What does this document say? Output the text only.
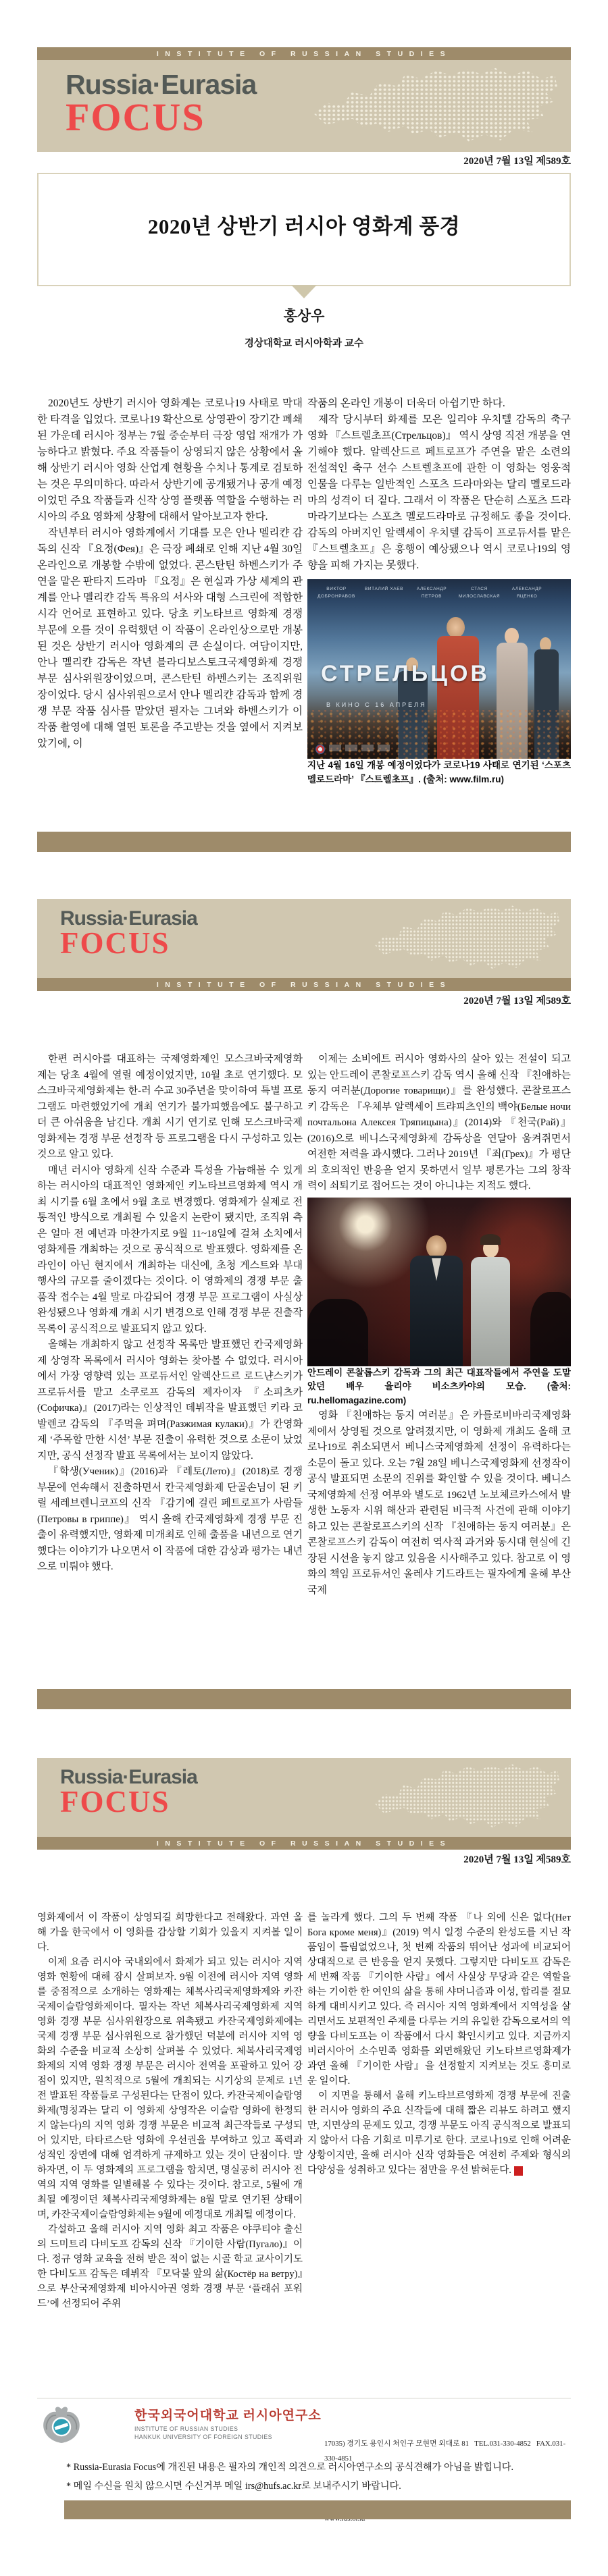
INSTITUTE OF RUSSIAN STUDIES
Russia·Eurasia
FOCUS
2020년 7월 13일 제589호
2020년 상반기 러시아 영화계 풍경
홍상우
경상대학교 러시아학과 교수

2020년도 상반기 러시아 영화계는 코로나19 사태로 막대한 타격을 입었다. 코로나19 확산으로 상영관이 장기간 폐쇄된 가운데 러시아 정부는 7월 중순부터 극장 영업 재개가 가능하다고 밝혔다. 주요 작품들이 상영되지 않은 상황에서 올해 상반기 러시아 영화 산업계 현황을 수치나 통계로 검토하는 것은 무의미하다. 따라서 상반기에 공개됐거나 공개 예정이었던 주요 작품들과 신작 상영 플랫폼 역할을 수행하는 러시아의 주요 영화제 상황에 대해서 알아보고자 한다.

작년부터 러시아 영화계에서 기대를 모은 안나 멜리캰 감독의 신작 『요정(Фея)』은 극장 폐쇄로 인해 지난 4월 30일 온라인으로 개봉할 수밖에 없었다. 콘스탄틴 하벤스키가 주연을 맡은 판타지 드라마 『요정』은 현실과 가상 세계의 관계를 안나 멜리캰 감독 특유의 서사와 대형 스크린에 적합한 시각 언어로 표현하고 있다. 당초 키노타브르 영화제 경쟁 부문에 오를 것이 유력했던 이 작품이 온라인상으로만 개봉된 것은 상반기 러시아 영화계의 큰 손실이다. 여담이지만, 안나 멜리캰 감독은 작년 블라디보스토크국제영화제 경쟁 부문 심사위원장이었으며, 콘스탄틴 하벤스키는 조직위원장이었다. 당시 심사위원으로서 안나 멜리캰 감독과 함께 경쟁 부문 작품 심사를 맡았던 필자는 그녀와 하벤스키가 이 작품 촬영에 대해 열띤 토론을 주고받는 것을 옆에서 지켜보았기에, 이

작품의 온라인 개봉이 더욱더 아쉽기만 하다.

제작 당시부터 화제를 모은 일리야 우치텔 감독의 축구 영화 『스트렐초프(Стрельцов)』 역시 상영 직전 개봉을 연기해야 했다. 알렉산드르 페트로프가 주연을 맡은 소련의 전설적인 축구 선수 스트렐초프에 관한 이 영화는 영웅적 인물을 다루는 일반적인 스포츠 드라마와는 달리 멜로드라마의 성격이 더 짙다. 그래서 이 작품은 단순히 스포츠 드라마라기보다는 스포츠 멜로드라마로 규정해도 좋을 것이다. 감독의 아버지인 알렉세이 우치텔 감독이 프로듀서를 맡은 『스트렐초프』은 흥행이 예상됐으나 역시 코로나19의 영향을 피해 가지는 못했다.

ВИКТОР ДОБРОНРАВОВ
ВИТАЛИЙ ХАЕВ	АЛЕКСАНДР ПЕТРОВ
СТАСЯ МИЛОСЛАВСКАЯ
АЛЕКСАНДР ЯЦЕНКО
СТРЕЛЬЦОВ
В КИНО С 16 АПРЕЛЯ

지난 4월 16일 개봉 예정이었다가 코로나19 사태로 연기된 ‘스포츠 멜로드라마’ 『스트렐초프』. (출처: www.film.ru)

Russia·Eurasia
FOCUS
INSTITUTE OF RUSSIAN STUDIES
2020년 7월 13일 제589호

한편 러시아를 대표하는 국제영화제인 모스크바국제영화제는 당초 4월에 열릴 예정이었지만, 10월 초로 연기했다. 모스크바국제영화제는 한-러 수교 30주년을 맞이하여 특별 프로그램도 마련했었기에 개최 연기가 불가피했음에도 불구하고 더 큰 아쉬움을 남긴다. 개최 시기 연기로 인해 모스크바국제영화제는 경쟁 부문 선정작 등 프로그램을 다시 구성하고 있는 것으로 알고 있다.

매년 러시아 영화계 신작 수준과 특성을 가늠해볼 수 있게 하는 러시아의 대표적인 영화제인 키노타브르영화제 역시 개최 시기를 6월 초에서 9월 초로 변경했다. 영화제가 실제로 전통적인 방식으로 개최될 수 있을지 논란이 됐지만, 조직위 측은 얼마 전 예년과 마찬가지로 9월 11~18일에 걸쳐 소치에서 영화제를 개최하는 것으로 공식적으로 발표했다. 영화제를 온라인이 아닌 현지에서 개최하는 대신에, 초청 게스트와 부대 행사의 규모를 줄이겠다는 것이다. 이 영화제의 경쟁 부문 출품작 접수는 4월 말로 마감되어 경쟁 부문 프로그램이 사실상 완성됐으나 영화제 개최 시기 변경으로 인해 경쟁 부문 진출작 목록이 공식적으로 발표되지 않고 있다.

올해는 개최하지 않고 선정작 목록만 발표했던 칸국제영화제 상영작 목록에서 러시아 영화는 찾아볼 수 없었다. 러시아에서 가장 영향력 있는 프로듀서인 알렉산드르 로드냔스키가 프로듀서를 맡고 소쿠로프 감독의 제자이자 『소피츠카(Софичка)』(2017)라는 인상적인 데뷔작을 발표했던 키라 코발렌코 감독의 『주먹을 펴며(Разжимая кулаки)』가 칸영화제 ‘주목할 만한 시선’ 부문 진출이 유력한 것으로 소문이 났었지만, 공식 선정작 발표 목록에서는 보이지 않았다.

『학생(Ученик)』(2016)과 『레토(Лето)』(2018)로 경쟁 부문에 연속해서 진출하면서 칸국제영화제 단골손님이 된 키릴 세레브렌니코프의 신작 『감기에 걸린 페트로프가 사람들(Петровы в гриппе)』 역시 올해 칸국제영화제 경쟁 부문 진출이 유력했지만, 영화제 미개최로 인해 출품을 내년으로 연기했다는 이야기가 나오면서 이 작품에 대한 감상과 평가는 내년으로 미뤄야 했다.

이제는 소비에트 러시아 영화사의 살아 있는 전설이 되고 있는 안드레이 콘찰로프스키 감독 역시 올해 신작 『친애하는 동지 여러분(Дорогие товарищи)』를 완성했다. 콘찰로프스키 감독은 『우체부 알렉세이 트랴피츠인의 백야(Белые ночи почтальона Алексея Тряпицына)』(2014)와 『천국(Рай)』(2016)으로 베니스국제영화제 감독상을 연달아 움켜쥐면서 여전한 저력을 과시했다. 그러나 2019년 『죄(Грех)』가 평단의 호의적인 반응을 얻지 못하면서 일부 평론가는 그의 창작력이 쇠퇴기로 접어드는 것이 아니냐는 지적도 했다.

안드레이 콘찰롭스키 감독과 그의 최근 대표작들에서 주연을 도맡았던 배우 율리야 비소츠카야의 모습. (출처: ru.hellomagazine.com)

영화 『친애하는 동지 여러분』은 카를로비바리국제영화제에서 상영될 것으로 알려졌지만, 이 영화제 개최도 올해 코로나19로 취소되면서 베니스국제영화제 선정이 유력하다는 소문이 돌고 있다. 오는 7월 28일 베니스국제영화제 선정작이 공식 발표되면 소문의 진위를 확인할 수 있을 것이다. 베니스국제영화제 선정 여부와 별도로 1962년 노보체르카스에서 발생한 노동자 시위 해산과 관련된 비극적 사건에 관해 이야기하고 있는 콘찰로프스키의 신작 『친애하는 동지 여러분』은 콘찰로프스키 감독이 여전히 역사적 과거와 동시대 현실에 긴장된 시선을 놓지 않고 있음을 시사해주고 있다. 참고로 이 영화의 책임 프로듀서인 올레샤 기드라트는 필자에게 올해 부산국제

Russia·Eurasia
FOCUS
INSTITUTE OF RUSSIAN STUDIES
2020년 7월 13일 제589호

영화제에서 이 작품이 상영되길 희망한다고 전해왔다. 과연 올해 가을 한국에서 이 영화를 감상할 기회가 있을지 지켜볼 일이다.

이제 요즘 러시아 국내외에서 화제가 되고 있는 러시아 지역 영화 현황에 대해 잠시 살펴보자. 9월 이전에 러시아 지역 영화를 중점적으로 소개하는 영화제는 체복사리국제영화제와 카잔국제이슬람영화제이다. 필자는 작년 체복사리국제영화제 지역 영화 경쟁 부문 심사위원장으로 위촉됐고 카잔국제영화제에는 국제 경쟁 부문 심사위원으로 참가했던 덕분에 러시아 지역 영화의 수준을 비교적 소상히 살펴볼 수 있었다. 체복사리국제영화제의 지역 영화 경쟁 부문은 러시아 전역을 포괄하고 있어 강점이 있지만, 원칙적으로 5월에 개최되는 시기상의 문제로 1년 전 발표된 작품들로 구성된다는 단점이 있다. 카잔국제이슬람영화제(명칭과는 달리 이 영화제 상영작은 이슬람 영화에 한정되지 않는다)의 지역 영화 경쟁 부문은 비교적 최근작들로 구성되어 있지만, 타타르스탄 영화에 우선권을 부여하고 있고 폭력과 성적인 장면에 대해 엄격하게 규제하고 있는 것이 단점이다. 말하자면, 이 두 영화제의 프로그램을 합치면, 명실공히 러시아 전역의 지역 영화를 일별해볼 수 있다는 것이다. 참고로, 5월에 개최될 예정이던 체복사리국제영화제는 8월 말로 연기된 상태이며, 카잔국제이슬람영화제는 9월에 예정대로 개최될 예정이다.

각설하고 올해 러시아 지역 영화 최고 작품은 야쿠티야 출신의 드미트리 다비도프 감독의 신작 『기이한 사람(Пугало)』이다. 정규 영화 교육을 전혀 받은 적이 없는 시골 학교 교사이기도 한 다비도프 감독은 데뷔작 『모닥불 앞의 삶(Костёр на ветру)』으로 부산국제영화제 비아시아권 영화 경쟁 부문 ‘플래쉬 포워드’에 선정되어 주위

를 놀라게 했다. 그의 두 번째 작품 『나 외에 신은 없다(Нет Бога кроме меня)』(2019) 역시 일정 수준의 완성도를 지닌 작품임이 틀림없었으나, 첫 번째 작품의 뛰어난 성과에 비교되어 상대적으로 큰 반응을 얻지 못했다. 그렇지만 다비도프 감독은 세 번째 작품 『기이한 사람』에서 사실상 무당과 같은 역할을 하는 기이한 한 여인의 삶을 통해 샤머니즘과 이성, 합리를 절묘하게 대비시키고 있다. 즉 러시아 지역 영화계에서 지역성을 살리면서도 보편적인 주제를 다루는 거의 유일한 감독으로서의 역량을 다비도프는 이 작품에서 다시 확인시키고 있다. 지금까지 비러시아어 소수민족 영화를 외면해왔던 키노타브르영화제가 과연 올해 『기이한 사람』을 선정할지 지켜보는 것도 흥미로운 일이다.

이 지면을 통해서 올해 키노타브르영화제 경쟁 부문에 진출한 러시아 영화의 주요 신작들에 대해 짧은 리뷰도 하려고 했지만, 지면상의 문제도 있고, 경쟁 부문도 아직 공식적으로 발표되지 않아서 다음 기회로 미루기로 한다. 코로나19로 인해 어려운 상황이지만, 올해 러시아 신작 영화들은 여전히 주제와 형식의 다양성을 성취하고 있다는 점만을 우선 밝혀둔다. Rs

한국외국어대학교 러시아연구소
INSTITUTE OF RUSSIAN STUDIES
HANKUK UNIVERSITY OF FOREIGN STUDIES

17035) 경기도 용인시 처인구 모현면 외대로 81   TEL.031-330-4852   FAX.031-330-4851

* Russia-Eurasia Focus에 개진된 내용은 필자의 개인적 의견으로 러시아연구소의 공식견해가 아님을 밝힙니다.

* 메일 수신을 원치 않으시면 수신거부 메일 irs@hufs.ac.kr로 보내주시기 바랍니다.
